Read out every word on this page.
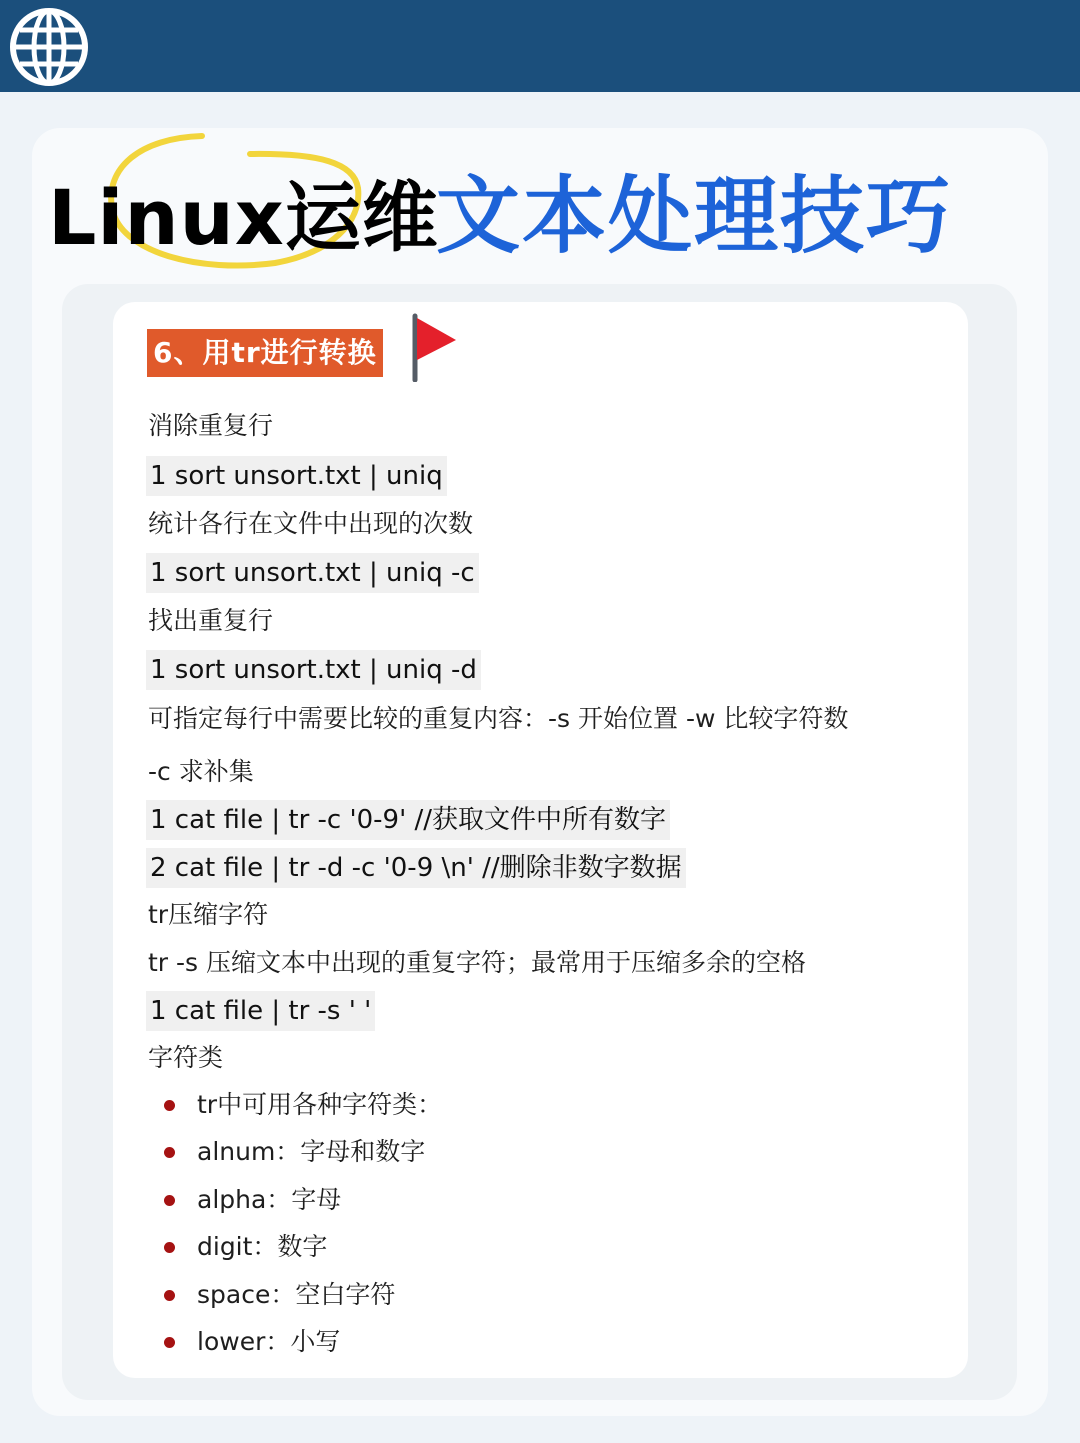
Linux运维
文本处理技巧
6、用tr进行转换
消除重复行
1 sort unsort.txt | uniq
统计各行在文件中出现的次数
1 sort unsort.txt | uniq -c
找出重复行
1 sort unsort.txt | uniq -d
可指定每行中需要比较的重复内容：-s 开始位置 -w 比较字符数
-c 求补集
1 cat file | tr -c '0-9' //获取文件中所有数字
2 cat file | tr -d -c '0-9 \n' //删除非数字数据
tr压缩字符
tr -s 压缩文本中出现的重复字符；最常用于压缩多余的空格
1 cat file | tr -s ' '
字符类
tr中可用各种字符类：
alnum：字母和数字
alpha：字母
digit：数字
space：空白字符
lower：小写
